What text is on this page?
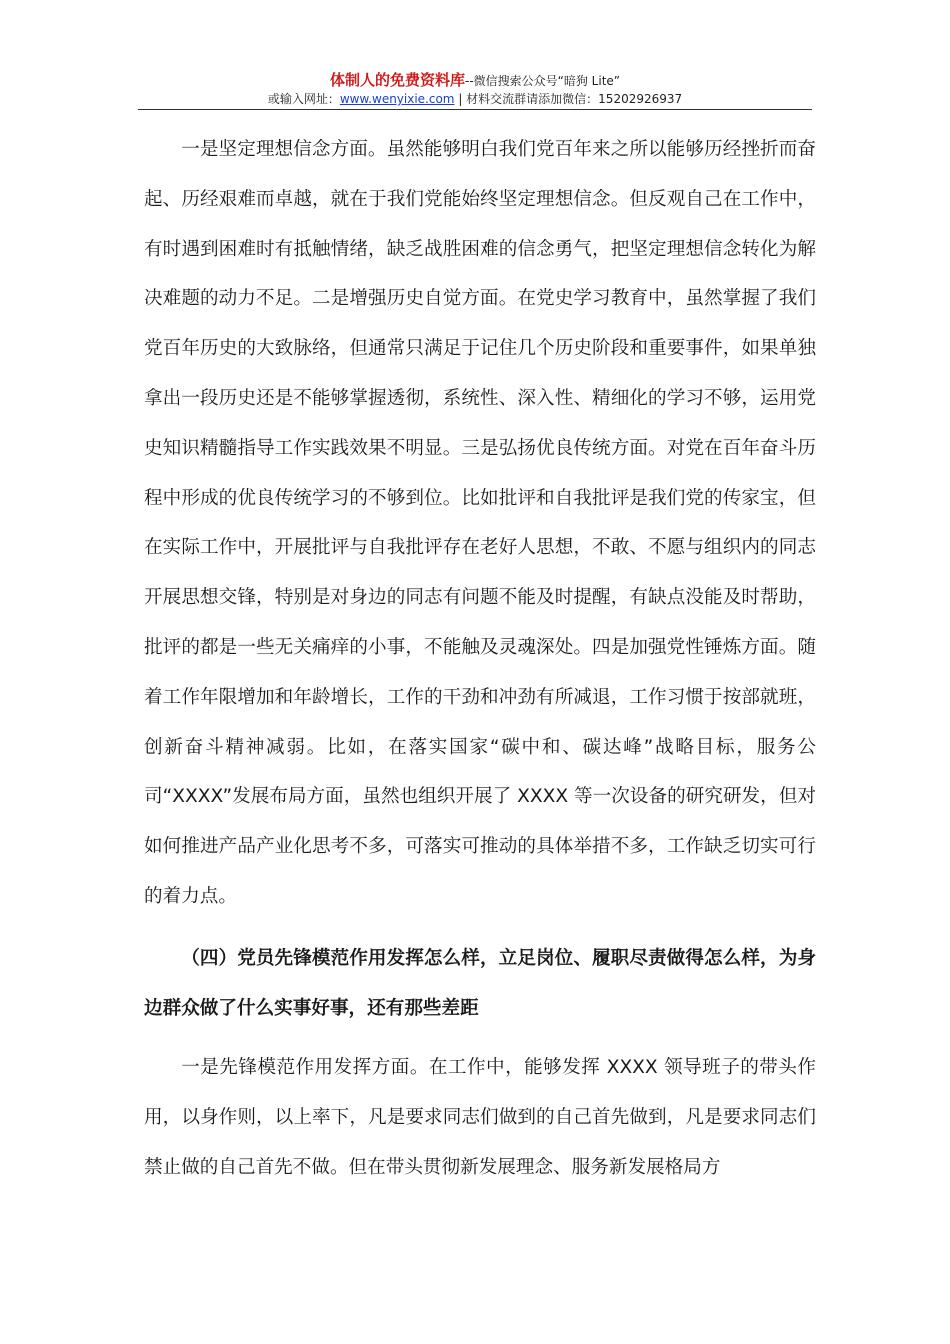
体制人的免费资料库--微信搜索公众号“暗狗 Lite”
或输入网址：www.wenyixie.com | 材料交流群请添加微信：15202926937

一是坚定理想信念方面。虽然能够明白我们党百年来之所以能够历经挫折而奋起、历经艰难而卓越，就在于我们党能始终坚定理想信念。但反观自己在工作中，有时遇到困难时有抵触情绪，缺乏战胜困难的信念勇气，把坚定理想信念转化为解决难题的动力不足。二是增强历史自觉方面。在党史学习教育中，虽然掌握了我们党百年历史的大致脉络，但通常只满足于记住几个历史阶段和重要事件，如果单独拿出一段历史还是不能够掌握透彻，系统性、深入性、精细化的学习不够，运用党史知识精髓指导工作实践效果不明显。三是弘扬优良传统方面。对党在百年奋斗历程中形成的优良传统学习的不够到位。比如批评和自我批评是我们党的传家宝，但在实际工作中，开展批评与自我批评存在老好人思想，不敢、不愿与组织内的同志开展思想交锋，特别是对身边的同志有问题不能及时提醒，有缺点没能及时帮助，批评的都是一些无关痛痒的小事，不能触及灵魂深处。四是加强党性锤炼方面。随着工作年限增加和年龄增长，工作的干劲和冲劲有所减退，工作习惯于按部就班，创新奋斗精神减弱。比如，在落实国家“碳中和、碳达峰”战略目标，服务公司“XXXX”发展布局方面，虽然也组织开展了 XXXX 等一次设备的研究研发，但对如何推进产品产业化思考不多，可落实可推动的具体举措不多，工作缺乏切实可行的着力点。

（四）党员先锋模范作用发挥怎么样，立足岗位、履职尽责做得怎么样，为身边群众做了什么实事好事，还有那些差距

一是先锋模范作用发挥方面。在工作中，能够发挥 XXXX 领导班子的带头作用，以身作则，以上率下，凡是要求同志们做到的自己首先做到，凡是要求同志们禁止做的自己首先不做。但在带头贯彻新发展理念、服务新发展格局方
